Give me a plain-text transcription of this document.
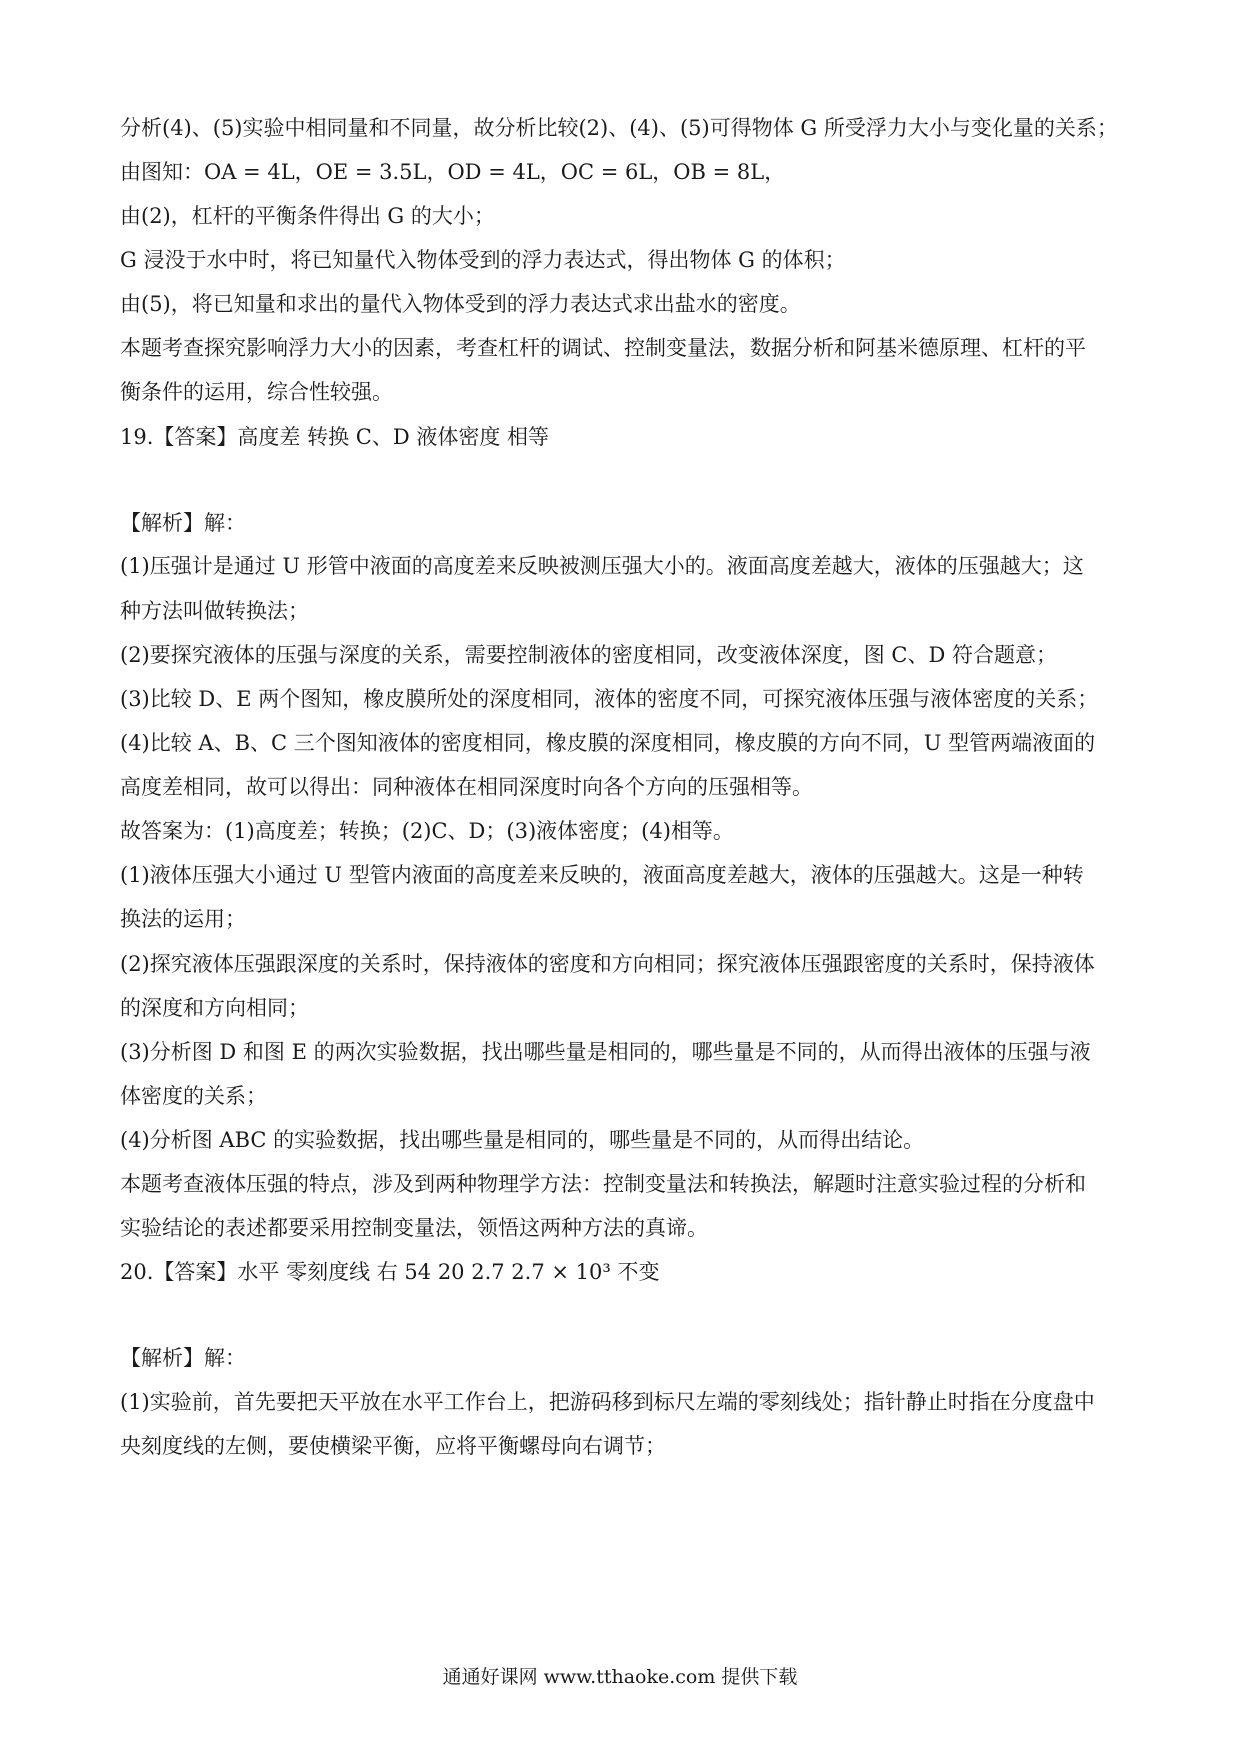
分析(4)、(5)实验中相同量和不同量，故分析比较(2)、(4)、(5)可得物体 G 所受浮力大小与变化量的关系；
由图知：OA = 4L，OE = 3.5L，OD = 4L，OC = 6L，OB = 8L，
由(2)，杠杆的平衡条件得出 G 的大小；
G 浸没于水中时，将已知量代入物体受到的浮力表达式，得出物体 G 的体积；
由(5)，将已知量和求出的量代入物体受到的浮力表达式求出盐水的密度。
本题考查探究影响浮力大小的因素，考查杠杆的调试、控制变量法，数据分析和阿基米德原理、杠杆的平
衡条件的运用，综合性较强。
19.【答案】高度差 转换 C、D 液体密度 相等
【解析】解：
(1)压强计是通过 U 形管中液面的高度差来反映被测压强大小的。液面高度差越大，液体的压强越大；这
种方法叫做转换法；
(2)要探究液体的压强与深度的关系，需要控制液体的密度相同，改变液体深度，图 C、D 符合题意；
(3)比较 D、E 两个图知，橡皮膜所处的深度相同，液体的密度不同，可探究液体压强与液体密度的关系；
(4)比较 A、B、C 三个图知液体的密度相同，橡皮膜的深度相同，橡皮膜的方向不同，U 型管两端液面的
高度差相同，故可以得出：同种液体在相同深度时向各个方向的压强相等。
故答案为：(1)高度差；转换；(2)C、D；(3)液体密度；(4)相等。
(1)液体压强大小通过 U 型管内液面的高度差来反映的，液面高度差越大，液体的压强越大。这是一种转
换法的运用；
(2)探究液体压强跟深度的关系时，保持液体的密度和方向相同；探究液体压强跟密度的关系时，保持液体
的深度和方向相同；
(3)分析图 D 和图 E 的两次实验数据，找出哪些量是相同的，哪些量是不同的，从而得出液体的压强与液
体密度的关系；
(4)分析图 ABC 的实验数据，找出哪些量是相同的，哪些量是不同的，从而得出结论。
本题考查液体压强的特点，涉及到两种物理学方法：控制变量法和转换法，解题时注意实验过程的分析和
实验结论的表述都要采用控制变量法，领悟这两种方法的真谛。
20.【答案】水平 零刻度线 右 54 20 2.7 2.7 × 10³ 不变
【解析】解：
(1)实验前，首先要把天平放在水平工作台上，把游码移到标尺左端的零刻线处；指针静止时指在分度盘中
央刻度线的左侧，要使横梁平衡，应将平衡螺母向右调节；
通通好课网 www.tthaoke.com 提供下载
